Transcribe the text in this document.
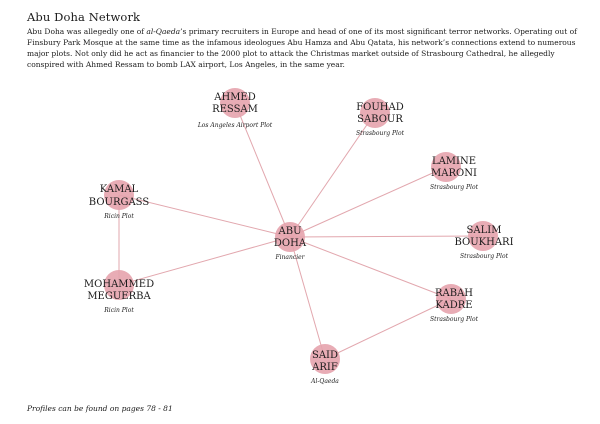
Abu Doha Network
Abu Doha was allegedly one of al-Qaeda’s primary recruiters in Europe and head of one of its most significant terror networks. Operating out of Finsbury Park Mosque at the same time as the infamous ideologues Abu Hamza and Abu Qatata, his network’s connections extend to numerous major plots. Not only did he act as financier to the 2000 plot to attack the Christmas market outside of Strasbourg Cathedral, he allegedly conspired with Ahmed Ressam to bomb LAX airport, Los Angeles, in the same year.
ABU
DOHA
Financier
AHMED
RESSAM
Los Angeles Airport Plot
FOUHAD
SABOUR
Strasbourg Plot
LAMINE
MARONI
Strasbourg Plot
SALIM
BOUKHARI
Strasbourg Plot
RABAH
KADRE
Strasbourg Plot
SAID
ARIF
Al-Qaeda
MOHAMMED
MEGUERBA
Ricin Plot
KAMAL
BOURGASS
Ricin Plot
Profiles can be found on pages 78 - 81
